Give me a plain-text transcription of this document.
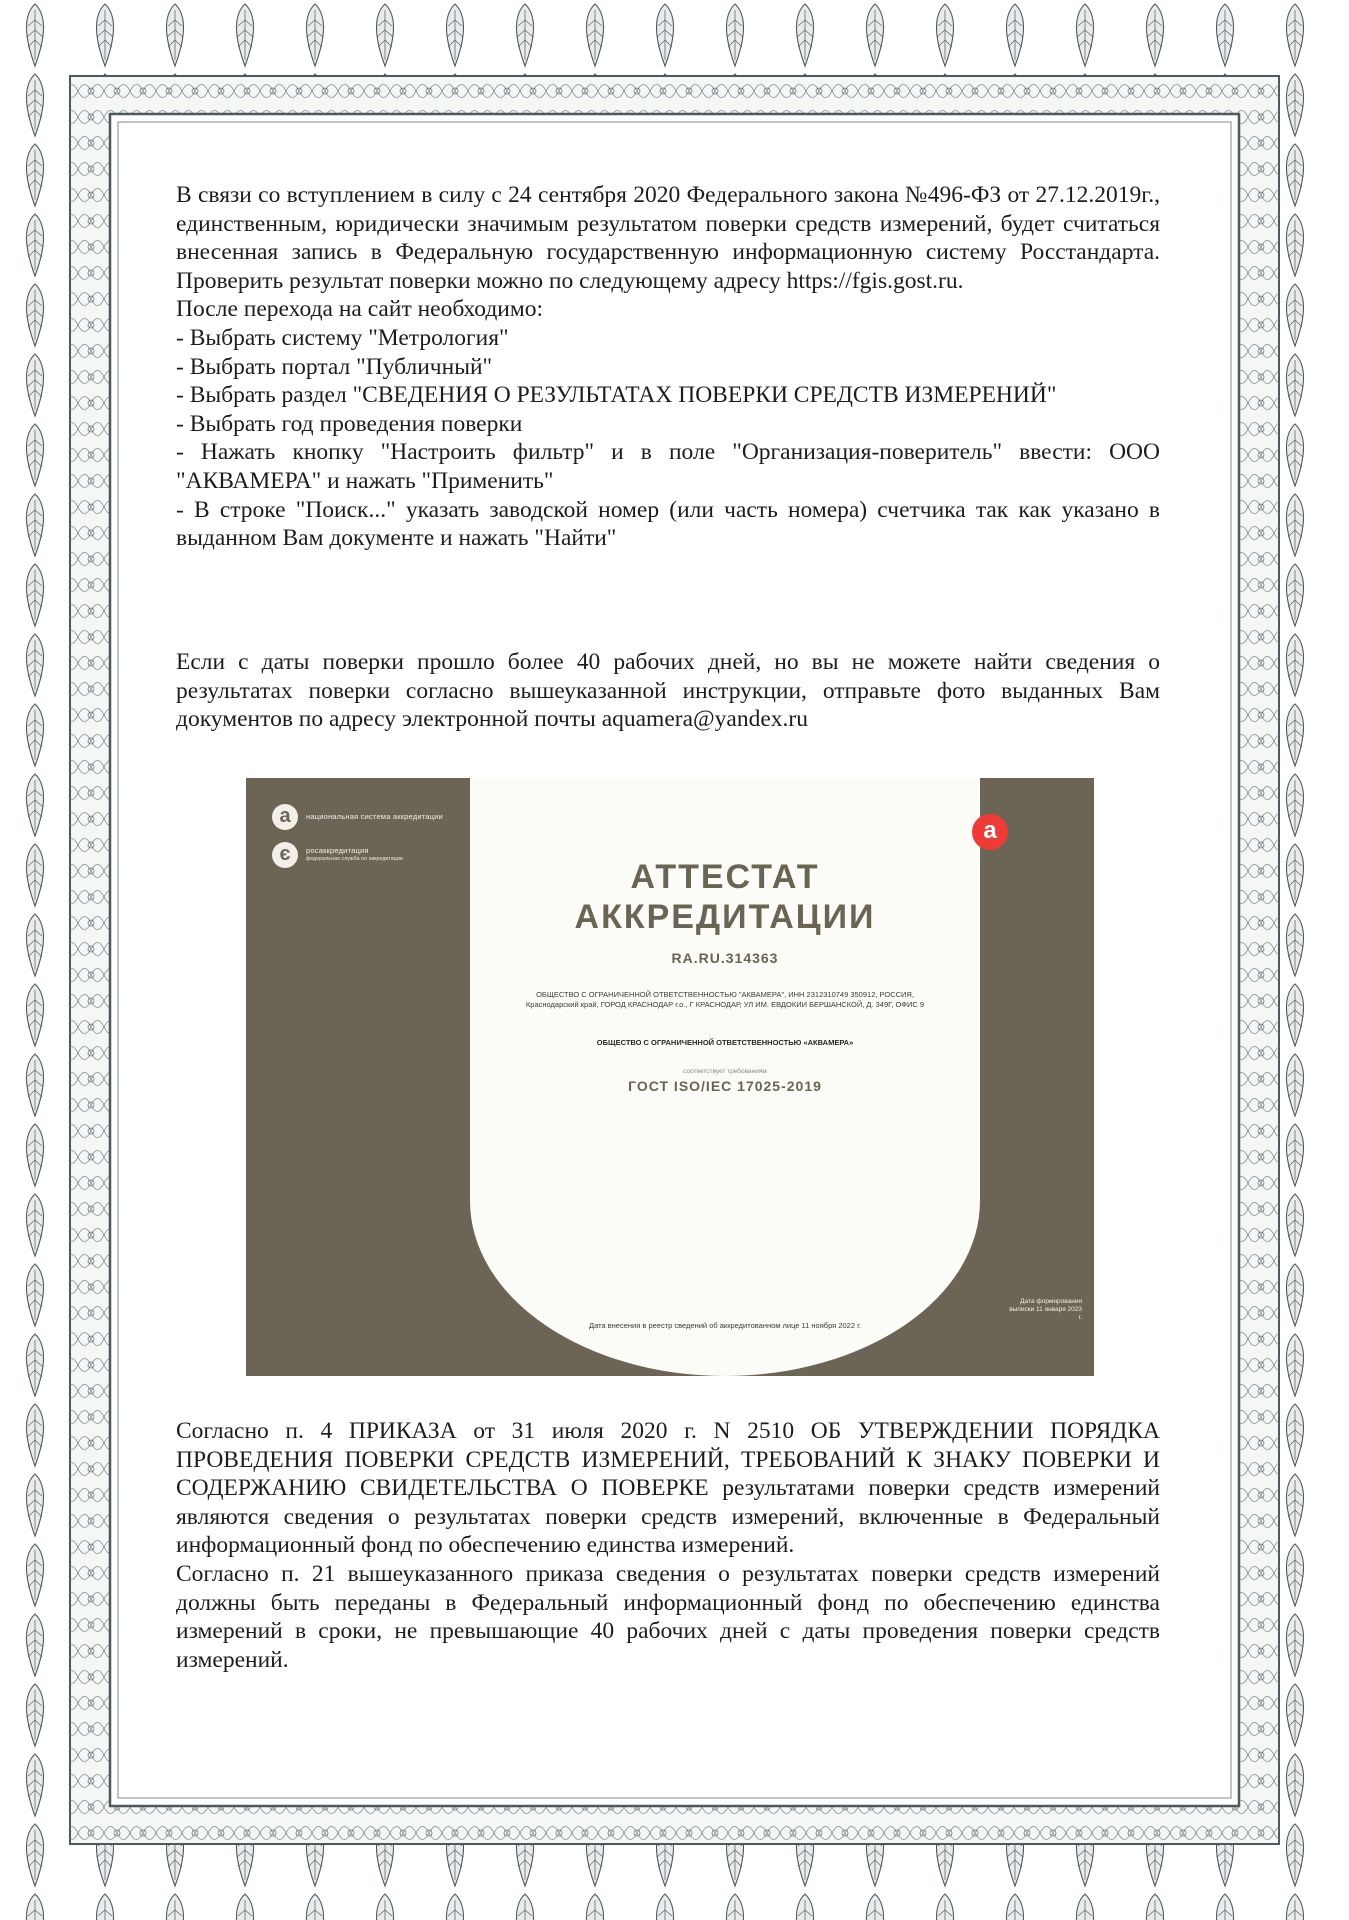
В связи со вступлением в силу с 24 сентября 2020 Федерального закона №496-ФЗ от 27.12.2019г., единственным, юридически значимым результатом поверки средств измерений, будет считаться внесенная запись в Федеральную государственную информационную систему Росстандарта. Проверить результат поверки можно по следующему адресу https://fgis.gost.ru.

После перехода на сайт необходимо:

- Выбрать систему "Метрология"

- Выбрать портал "Публичный"

- Выбрать раздел "СВЕДЕНИЯ О РЕЗУЛЬТАТАХ ПОВЕРКИ СРЕДСТВ ИЗМЕРЕНИЙ"

- Выбрать год проведения поверки

- Нажать кнопку "Настроить фильтр" и в поле "Организация-поверитель" ввести: ООО "АКВАМЕРА" и нажать "Применить"

- В строке "Поиск..." указать заводской номер (или часть номера) счетчика так как указано в выданном Вам документе и нажать "Найти"

Если с даты поверки прошло более 40 рабочих дней, но вы не можете найти сведения о результатах поверки согласно вышеуказанной инструкции, отправьте фото выданных Вам документов по адресу электронной почты aquamera@yandex.ru

a	национальная система аккредитации
є	росаккредитация
федеральная служба по аккредитации
a
АТТЕСТАТ
АККРЕДИТАЦИИ
RA.RU.314363
ОБЩЕСТВО С ОГРАНИЧЕННОЙ ОТВЕТСТВЕННОСТЬЮ "АКВАМЕРА", ИНН 2312310749 350912, РОССИЯ, Краснодарский край, ГОРОД КРАСНОДАР г.о., Г КРАСНОДАР, УЛ ИМ. ЕВДОКИИ БЕРШАНСКОЙ, Д. 349Г, ОФИС 9
ОБЩЕСТВО С ОГРАНИЧЕННОЙ ОТВЕТСТВЕННОСТЬЮ «АКВАМЕРА»
соответствует требованиям
ГОСТ ISO/IEC 17025-2019
Дата внесения в реестр сведений об аккредитованном лице 11 ноября 2022 г.
Дата формирования выписки 11 января 2023 г.

Согласно п. 4 ПРИКАЗА от 31 июля 2020 г. N 2510 ОБ УТВЕРЖДЕНИИ ПОРЯДКА ПРОВЕДЕНИЯ ПОВЕРКИ СРЕДСТВ ИЗМЕРЕНИЙ, ТРЕБОВАНИЙ К ЗНАКУ ПОВЕРКИ И СОДЕРЖАНИЮ СВИДЕТЕЛЬСТВА О ПОВЕРКЕ результатами поверки средств измерений являются сведения о результатах поверки средств измерений, включенные в Федеральный информационный фонд по обеспечению единства измерений.

Согласно п. 21 вышеуказанного приказа сведения о результатах поверки средств измерений должны быть переданы в Федеральный информационный фонд по обеспечению единства измерений в сроки, не превышающие 40 рабочих дней с даты проведения поверки средств измерений.
